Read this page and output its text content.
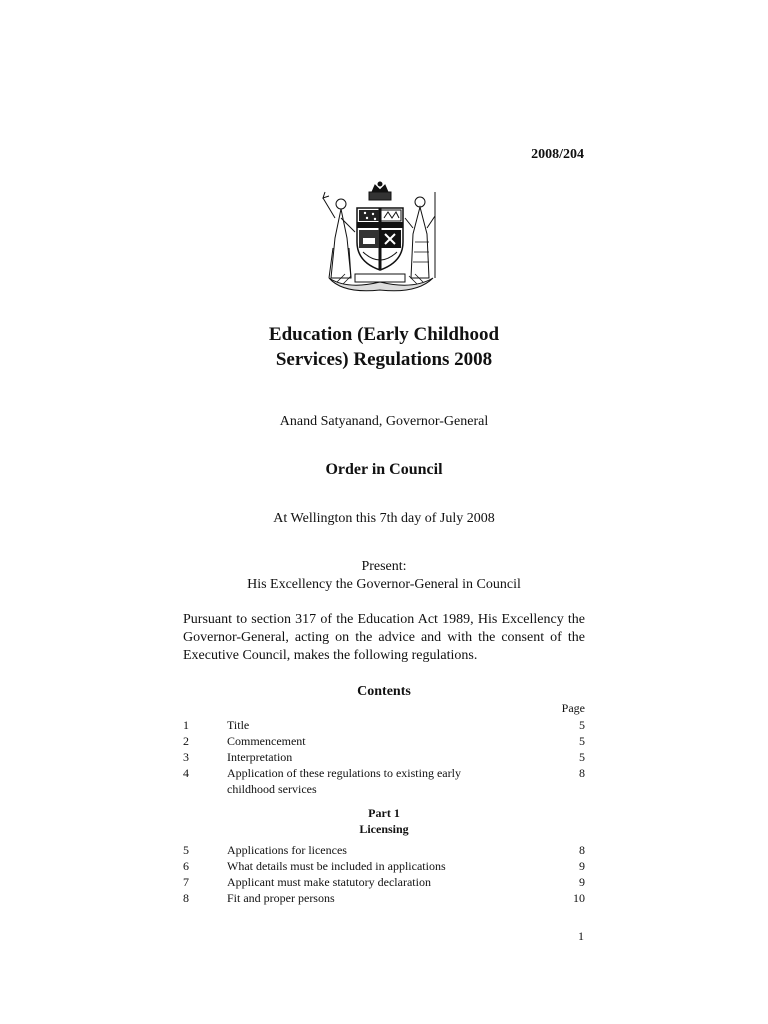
2008/204
Education (Early Childhood
Services) Regulations 2008
Anand Satyanand, Governor-General
Order in Council
At Wellington this 7th day of July 2008
Present:
His Excellency the Governor-General in Council
Pursuant to section 317 of the Education Act 1989, His Excellency the Governor-General, acting on the advice and with the consent of the Executive Council, makes the following regulations.
Contents
Page
1	Title	5
2	Commencement	5
3	Interpretation	5
4	Application of these regulations to existing early	8
childhood services
Part 1
Licensing
5	Applications for licences	8
6	What details must be included in applications	9
7	Applicant must make statutory declaration	9
8	Fit and proper persons	10
1
